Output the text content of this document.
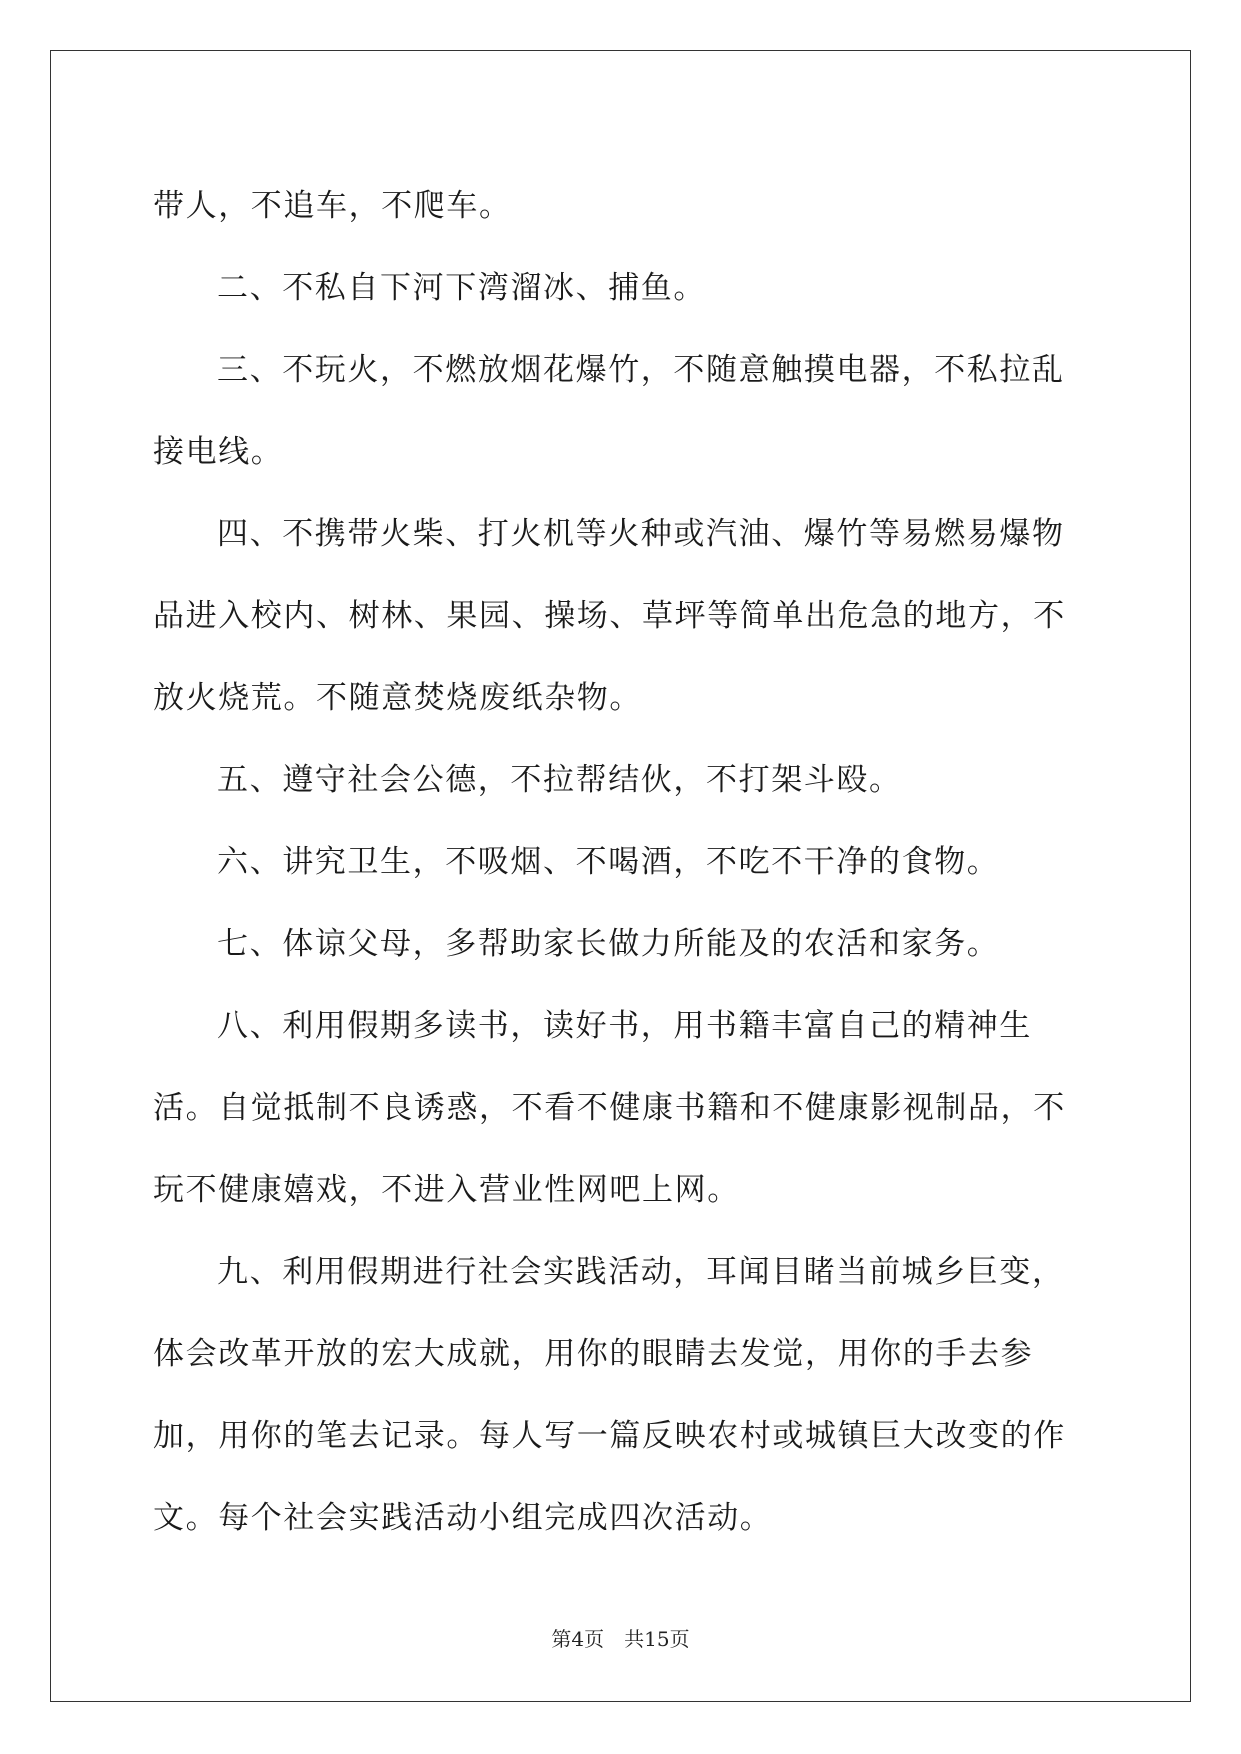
带人，不追车，不爬车。

二、不私自下河下湾溜冰、捕鱼。

三、不玩火，不燃放烟花爆竹，不随意触摸电器，不私拉乱接电线。

四、不携带火柴、打火机等火种或汽油、爆竹等易燃易爆物品进入校内、树林、果园、操场、草坪等简单出危急的地方，不放火烧荒。不随意焚烧废纸杂物。

五、遵守社会公德，不拉帮结伙，不打架斗殴。

六、讲究卫生，不吸烟、不喝酒，不吃不干净的食物。

七、体谅父母，多帮助家长做力所能及的农活和家务。

八、利用假期多读书，读好书，用书籍丰富自己的精神生活。自觉抵制不良诱惑，不看不健康书籍和不健康影视制品，不玩不健康嬉戏，不进入营业性网吧上网。

九、利用假期进行社会实践活动，耳闻目睹当前城乡巨变，体会改革开放的宏大成就，用你的眼睛去发觉，用你的手去参加，用你的笔去记录。每人写一篇反映农村或城镇巨大改变的作文。每个社会实践活动小组完成四次活动。

第4页 共15页
